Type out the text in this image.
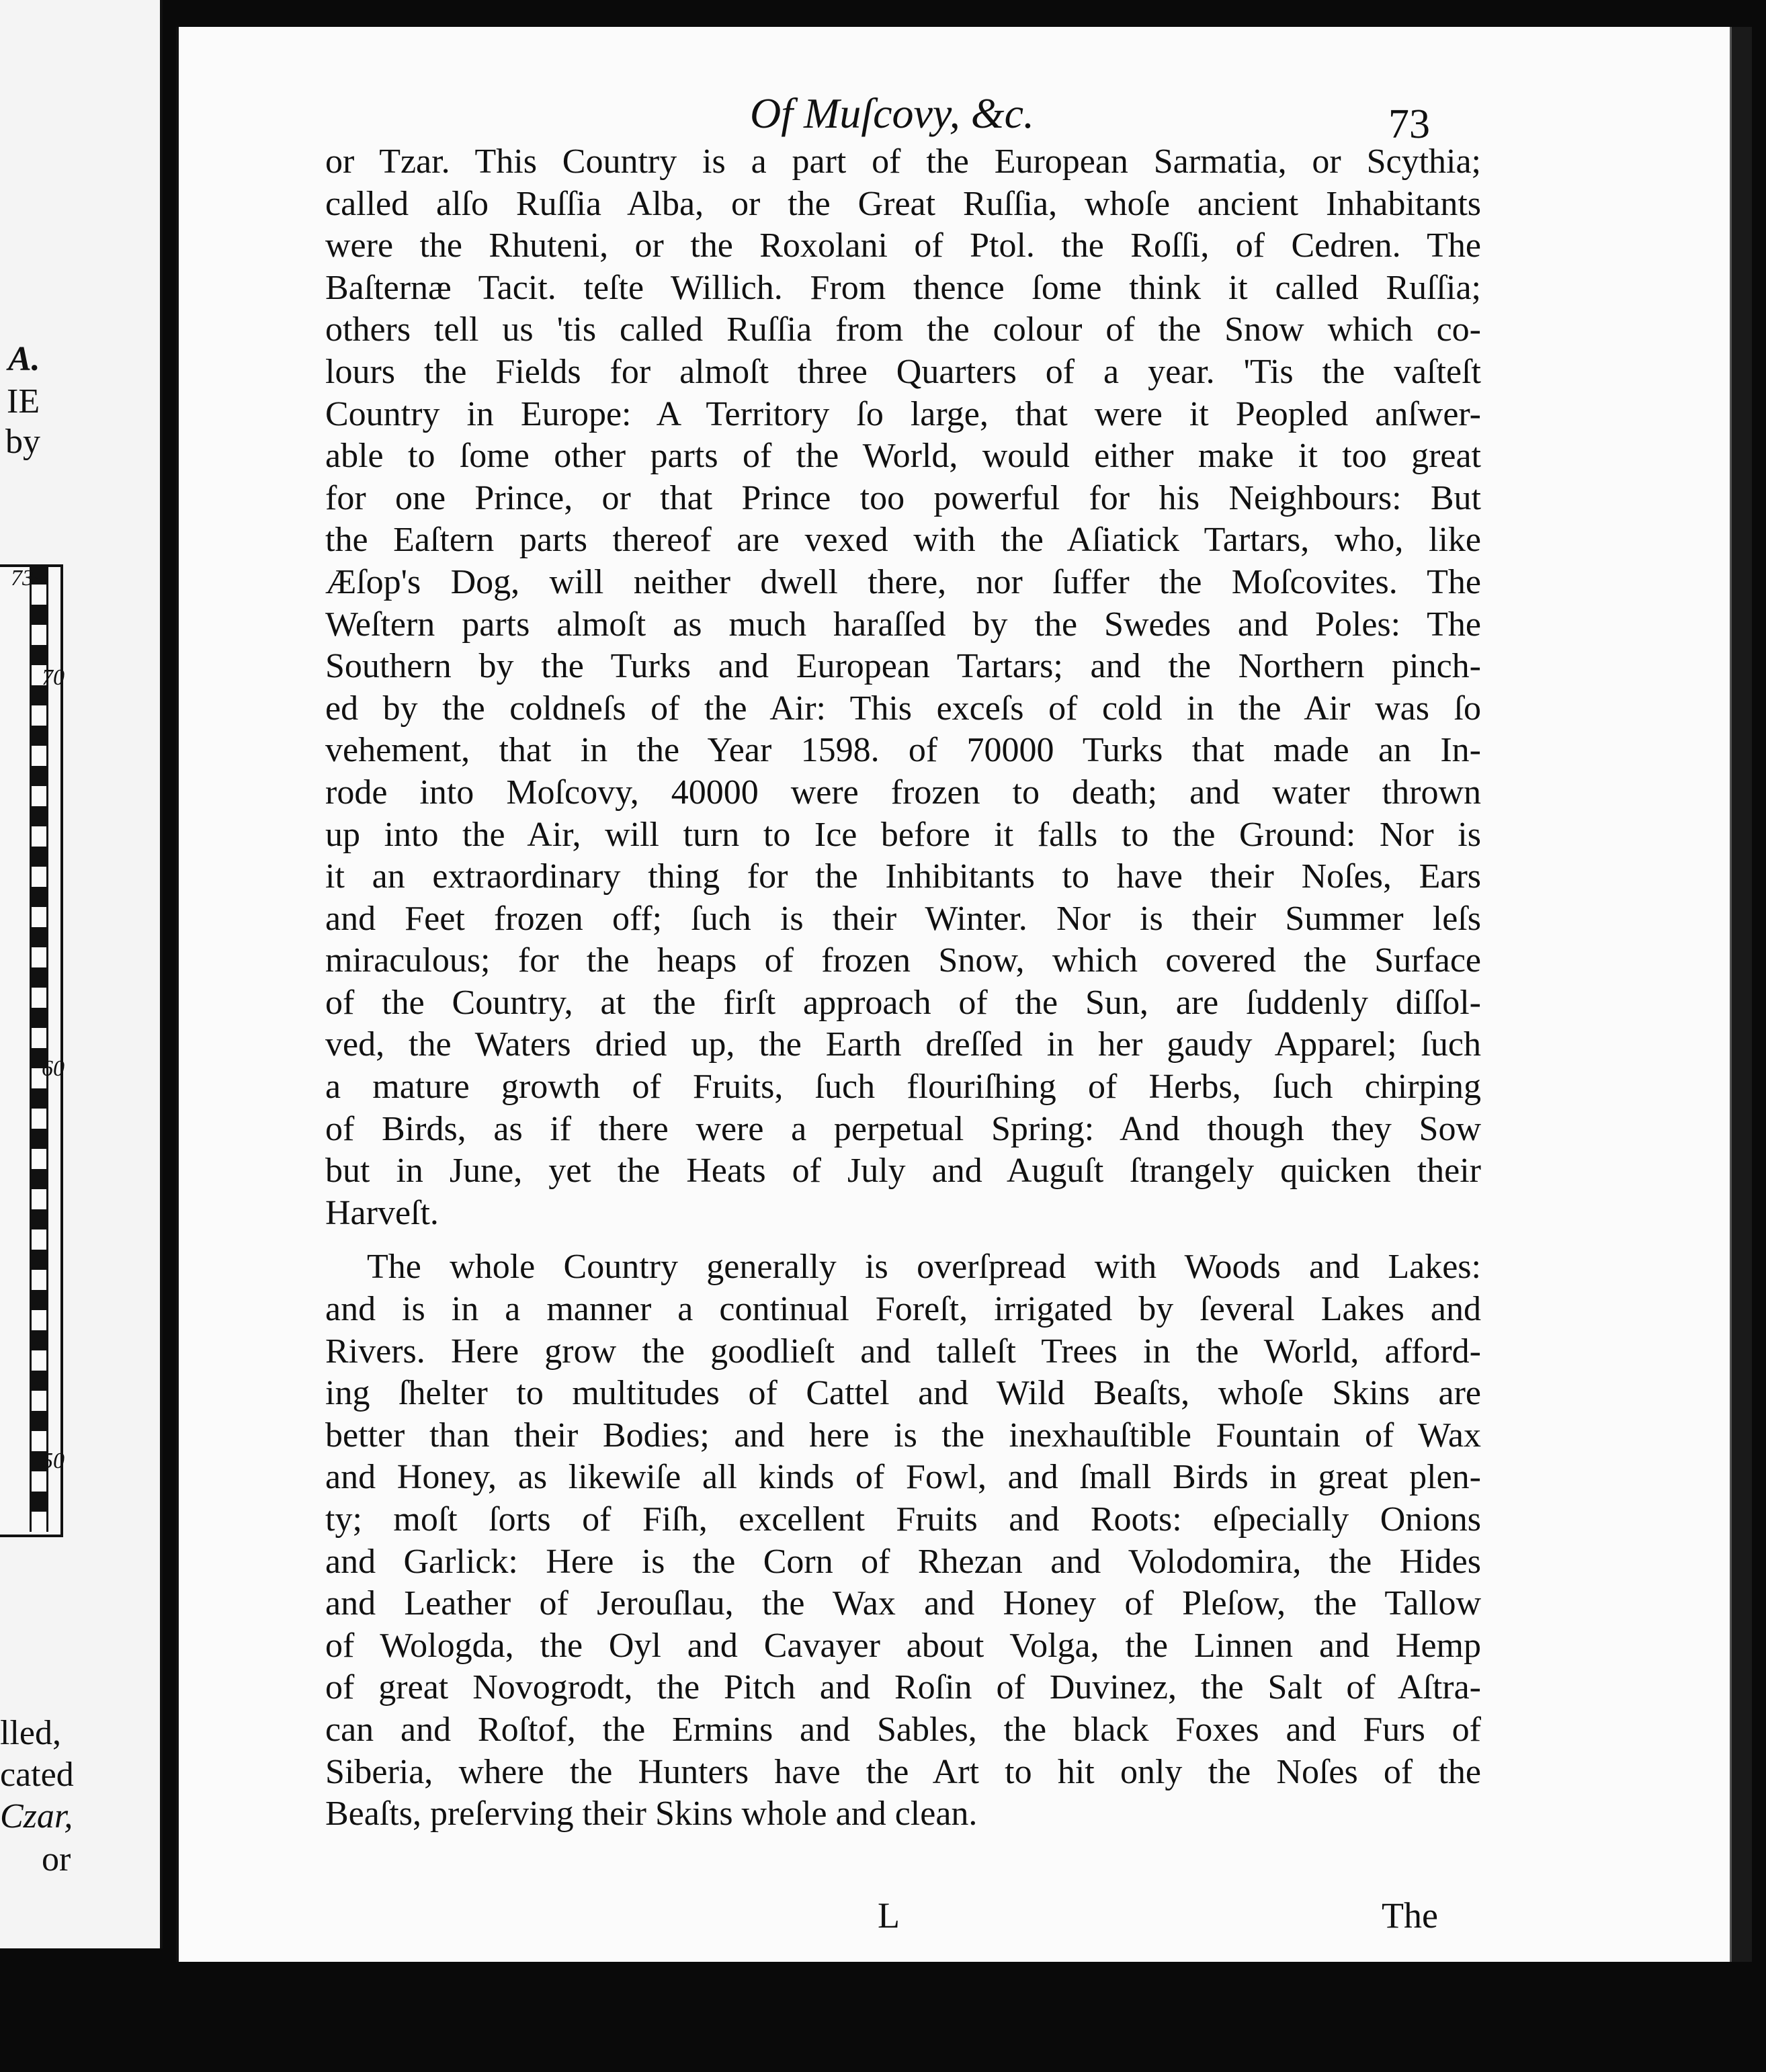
A.
IE
by
73·
70
60
50
lled,
cated
Czar,
or
Of Muſcovy, &c.	73
or Tzar. This Country is a part of the European Sarmatia, or Scythia;
called alſo Ruſſia Alba, or the Great Ruſſia, whoſe ancient Inhabitants
were the Rhuteni, or the Roxolani of Ptol. the Roſſi, of Cedren. The
Baſternæ Tacit. teſte Willich. From thence ſome think it called Ruſſia;
others tell us 'tis called Ruſſia from the colour of the Snow which co-
lours the Fields for almoſt three Quarters of a year. 'Tis the vaſteſt
Country in Europe: A Territory ſo large, that were it Peopled anſwer-
able to ſome other parts of the World, would either make it too great
for one Prince, or that Prince too powerful for his Neighbours: But
the Eaſtern parts thereof are vexed with the Aſiatick Tartars, who, like
Æſop's Dog, will neither dwell there, nor ſuffer the Moſcovites. The
Weſtern parts almoſt as much haraſſed by the Swedes and Poles: The
Southern by the Turks and European Tartars; and the Northern pinch-
ed by the coldneſs of the Air: This exceſs of cold in the Air was ſo
vehement, that in the Year 1598. of 70000 Turks that made an In-
rode into Moſcovy, 40000 were frozen to death; and water thrown
up into the Air, will turn to Ice before it falls to the Ground: Nor is
it an extraordinary thing for the Inhibitants to have their Noſes, Ears
and Feet frozen off; ſuch is their Winter. Nor is their Summer leſs
miraculous; for the heaps of frozen Snow, which covered the Surface
of the Country, at the firſt approach of the Sun, are ſuddenly diſſol-
ved, the Waters dried up, the Earth dreſſed in her gaudy Apparel; ſuch
a mature growth of Fruits, ſuch flouriſhing of Herbs, ſuch chirping
of Birds, as if there were a perpetual Spring: And though they Sow
but in June, yet the Heats of July and Auguſt ſtrangely quicken their
Harveſt.
The whole Country generally is overſpread with Woods and Lakes:
and is in a manner a continual Foreſt, irrigated by ſeveral Lakes and
Rivers. Here grow the goodlieſt and talleſt Trees in the World, afford-
ing ſhelter to multitudes of Cattel and Wild Beaſts, whoſe Skins are
better than their Bodies; and here is the inexhauſtible Fountain of Wax
and Honey, as likewiſe all kinds of Fowl, and ſmall Birds in great plen-
ty; moſt ſorts of Fiſh, excellent Fruits and Roots: eſpecially Onions
and Garlick: Here is the Corn of Rhezan and Volodomira, the Hides
and Leather of Jerouſlau, the Wax and Honey of Pleſow, the Tallow
of Wologda, the Oyl and Cavayer about Volga, the Linnen and Hemp
of great Novogrodt, the Pitch and Roſin of Duvinez, the Salt of Aſtra-
can and Roſtof, the Ermins and Sables, the black Foxes and Furs of
Siberia, where the Hunters have the Art to hit only the Noſes of the
Beaſts, preſerving their Skins whole and clean.
L	The
